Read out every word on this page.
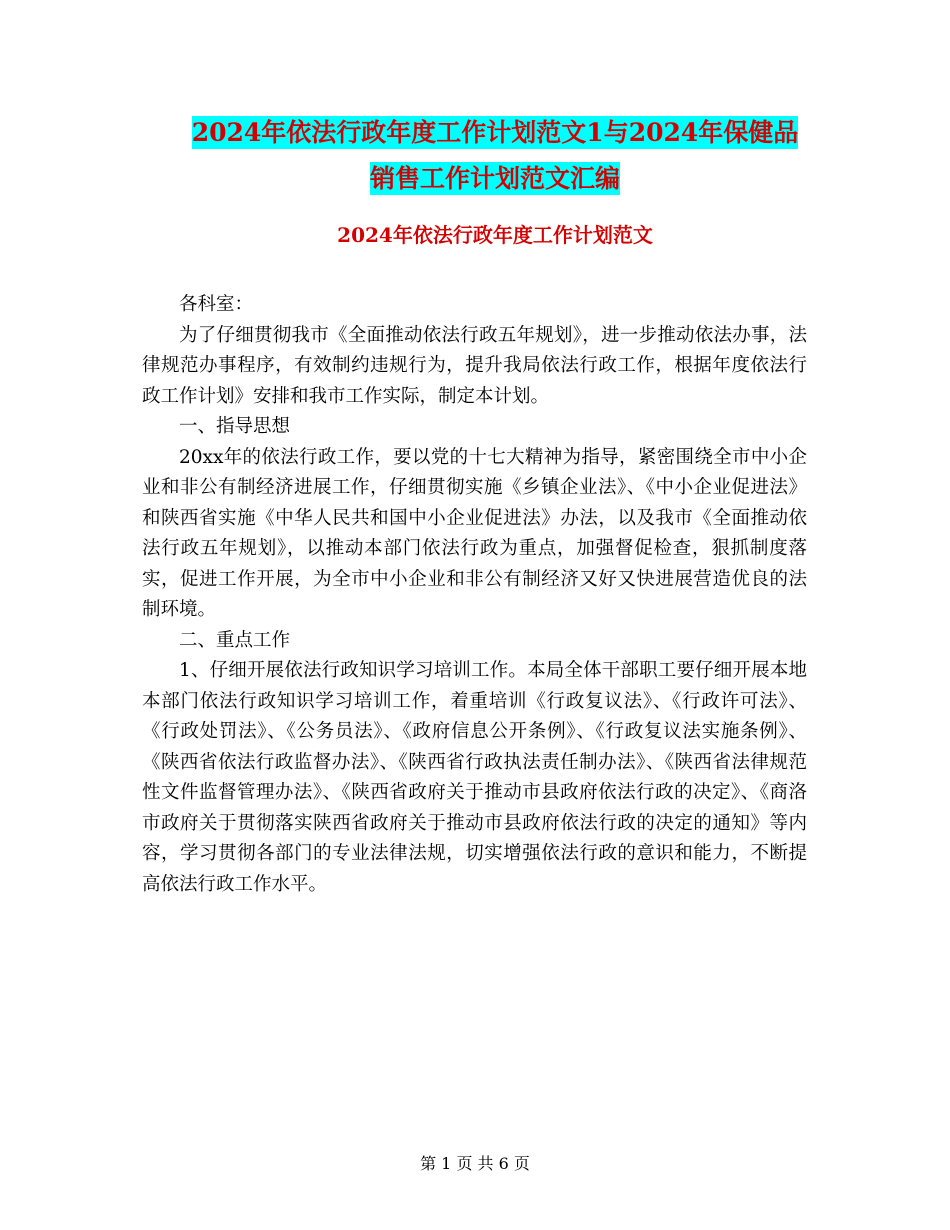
2024年依法行政年度工作计划范文1与2024年保健品
销售工作计划范文汇编
2024年依法行政年度工作计划范文

各科室：

为了仔细贯彻我市《全面推动依法行政五年规划》，进一步推动依法办事，法律规范办事程序，有效制约违规行为，提升我局依法行政工作，根据年度依法行政工作计划》安排和我市工作实际，制定本计划。

一、指导思想

20xx年的依法行政工作，要以党的十七大精神为指导，紧密围绕全市中小企业和非公有制经济进展工作，仔细贯彻实施《乡镇企业法》、《中小企业促进法》和陕西省实施《中华人民共和国中小企业促进法》办法，以及我市《全面推动依法行政五年规划》，以推动本部门依法行政为重点，加强督促检查，狠抓制度落实，促进工作开展，为全市中小企业和非公有制经济又好又快进展营造优良的法制环境。

二、重点工作

1、仔细开展依法行政知识学习培训工作。本局全体干部职工要仔细开展本地本部门依法行政知识学习培训工作，着重培训《行政复议法》、《行政许可法》、《行政处罚法》、《公务员法》、《政府信息公开条例》、《行政复议法实施条例》、《陕西省依法行政监督办法》、《陕西省行政执法责任制办法》、《陕西省法律规范性文件监督管理办法》、《陕西省政府关于推动市县政府依法行政的决定》、《商洛市政府关于贯彻落实陕西省政府关于推动市县政府依法行政的决定的通知》等内容，学习贯彻各部门的专业法律法规，切实增强依法行政的意识和能力，不断提高依法行政工作水平。

第 1 页 共 6 页
